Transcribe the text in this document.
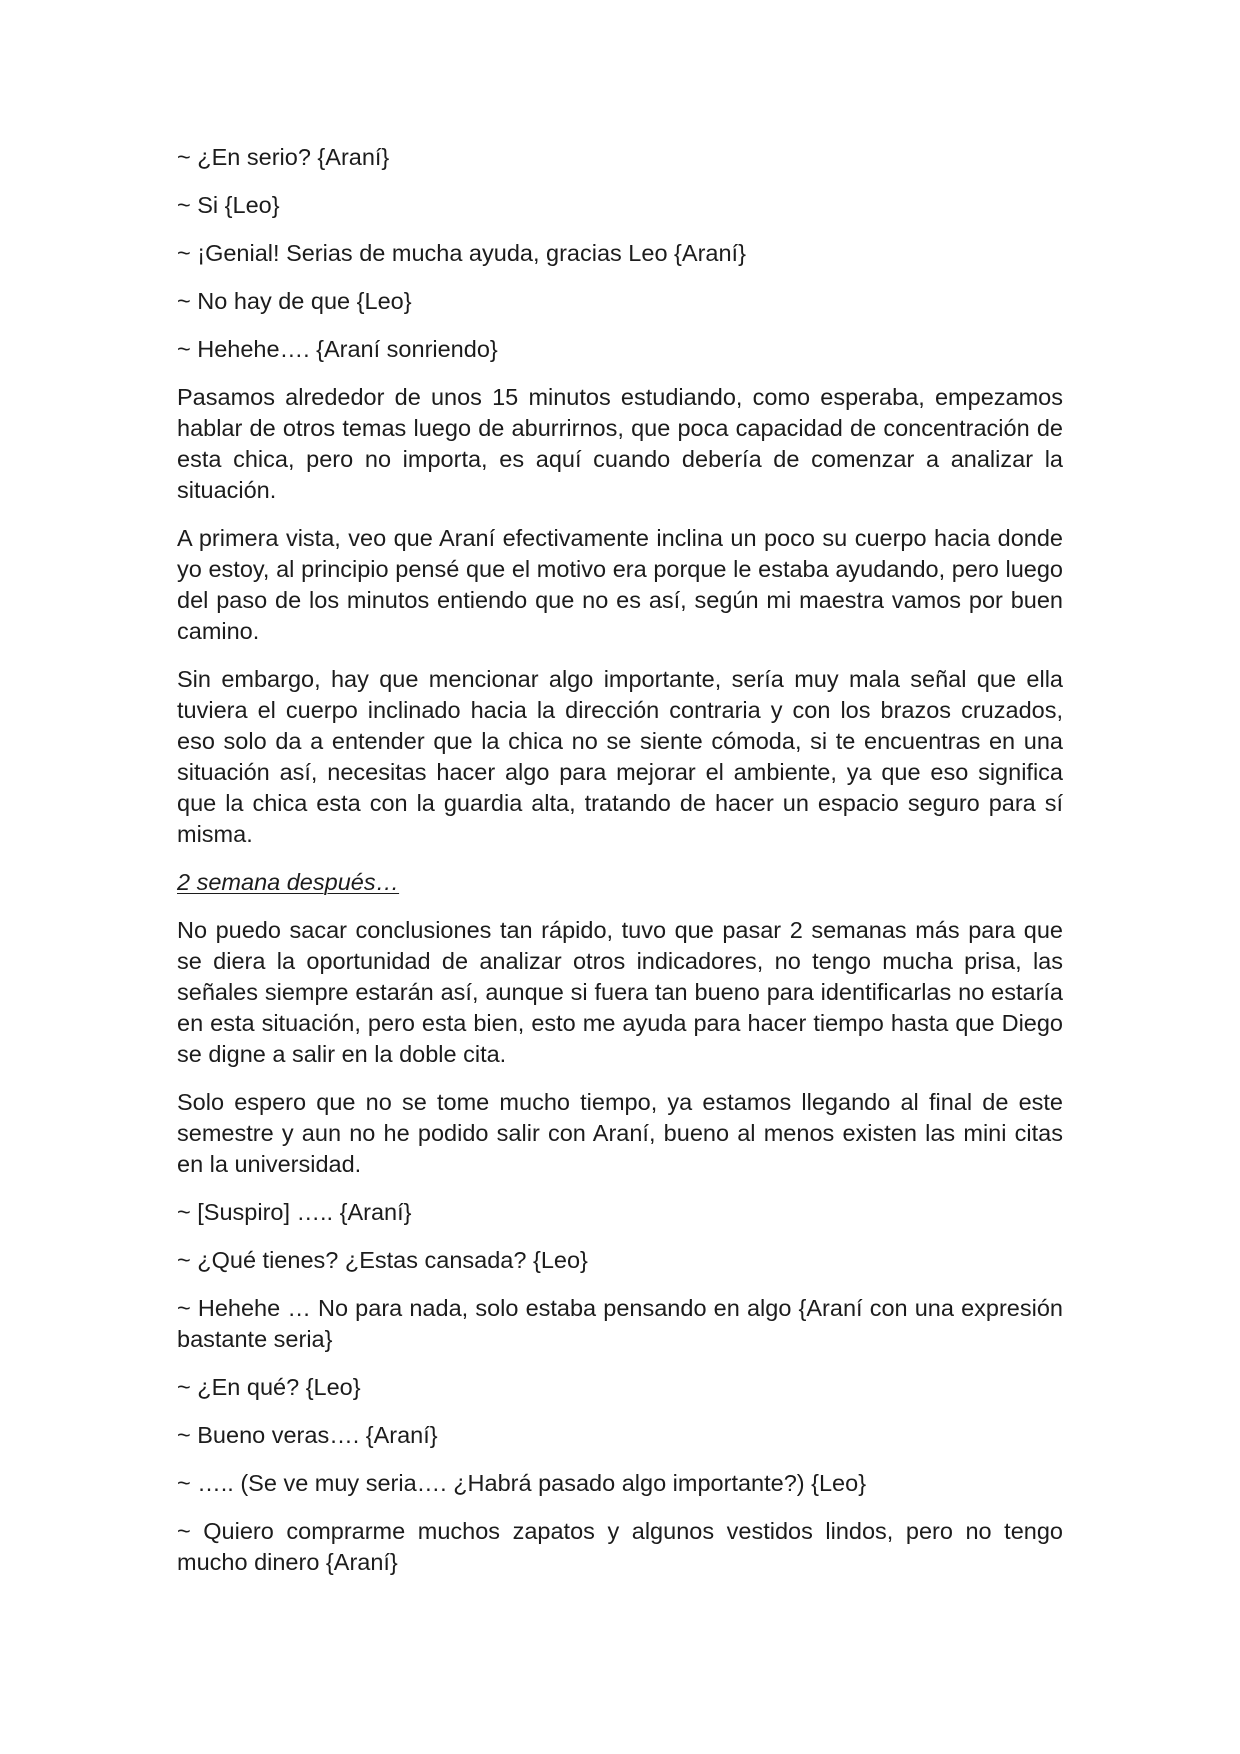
~ ¿En serio? {Araní}

~ Si {Leo}

~ ¡Genial! Serias de mucha ayuda, gracias Leo {Araní}

~ No hay de que {Leo}

~ Hehehe…. {Araní sonriendo}

Pasamos alrededor de unos 15 minutos estudiando, como esperaba, empezamos hablar de otros temas luego de aburrirnos, que poca capacidad de concentración de esta chica, pero no importa, es aquí cuando debería de comenzar a analizar la situación.

A primera vista, veo que Araní efectivamente inclina un poco su cuerpo hacia donde yo estoy, al principio pensé que el motivo era porque le estaba ayudando, pero luego del paso de los minutos entiendo que no es así, según mi maestra vamos por buen camino.

Sin embargo, hay que mencionar algo importante, sería muy mala señal que ella tuviera el cuerpo inclinado hacia la dirección contraria y con los brazos cruzados, eso solo da a entender que la chica no se siente cómoda, si te encuentras en una situación así, necesitas hacer algo para mejorar el ambiente, ya que eso significa que la chica esta con la guardia alta, tratando de hacer un espacio seguro para sí misma.

2 semana después…

No puedo sacar conclusiones tan rápido, tuvo que pasar 2 semanas más para que se diera la oportunidad de analizar otros indicadores, no tengo mucha prisa, las señales siempre estarán así, aunque si fuera tan bueno para identificarlas no estaría en esta situación, pero esta bien, esto me ayuda para hacer tiempo hasta que Diego se digne a salir en la doble cita.

Solo espero que no se tome mucho tiempo, ya estamos llegando al final de este semestre y aun no he podido salir con Araní, bueno al menos existen las mini citas en la universidad.

~ [Suspiro] ….. {Araní}

~ ¿Qué tienes? ¿Estas cansada? {Leo}

~ Hehehe … No para nada, solo estaba pensando en algo {Araní con una expresión bastante seria}

~ ¿En qué? {Leo}

~ Bueno veras…. {Araní}

~ ….. (Se ve muy seria…. ¿Habrá pasado algo importante?) {Leo}

~ Quiero comprarme muchos zapatos y algunos vestidos lindos, pero no tengo mucho dinero {Araní}
